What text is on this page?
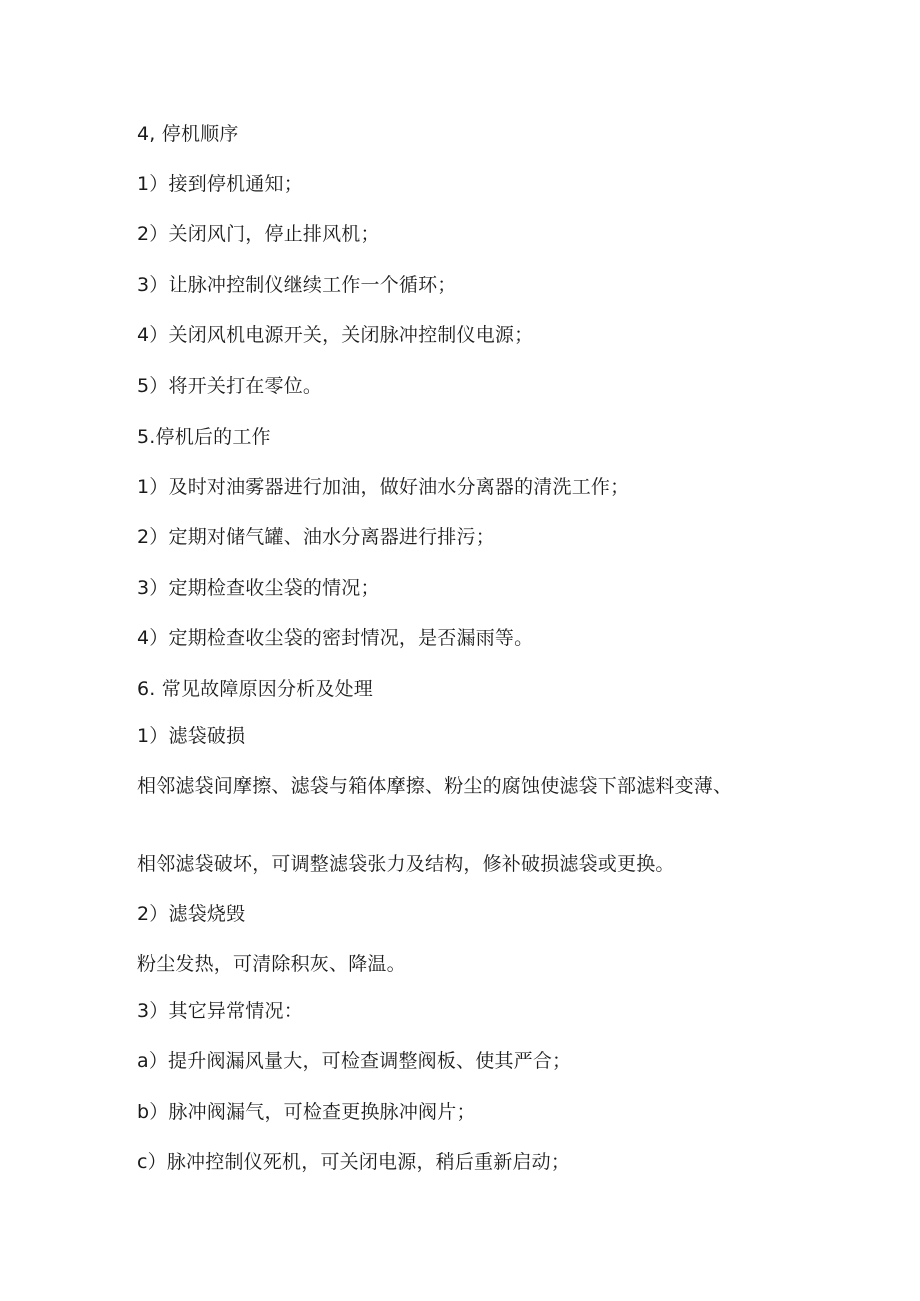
4, 停机顺序
1）接到停机通知；
2）关闭风门，停止排风机；
3）让脉冲控制仪继续工作一个循环；
4）关闭风机电源开关，关闭脉冲控制仪电源；
5）将开关打在零位。
5.停机后的工作
1）及时对油雾器进行加油，做好油水分离器的清洗工作；
2）定期对储气罐、油水分离器进行排污；
3）定期检查收尘袋的情况；
4）定期检查收尘袋的密封情况，是否漏雨等。
6. 常见故障原因分析及处理
1）滤袋破损
相邻滤袋间摩擦、滤袋与箱体摩擦、粉尘的腐蚀使滤袋下部滤料变薄、
相邻滤袋破坏，可调整滤袋张力及结构，修补破损滤袋或更换。
2）滤袋烧毁
粉尘发热，可清除积灰、降温。
3）其它异常情况：
a）提升阀漏风量大，可检查调整阀板、使其严合；
b）脉冲阀漏气，可检查更换脉冲阀片；
c）脉冲控制仪死机，可关闭电源，稍后重新启动；
